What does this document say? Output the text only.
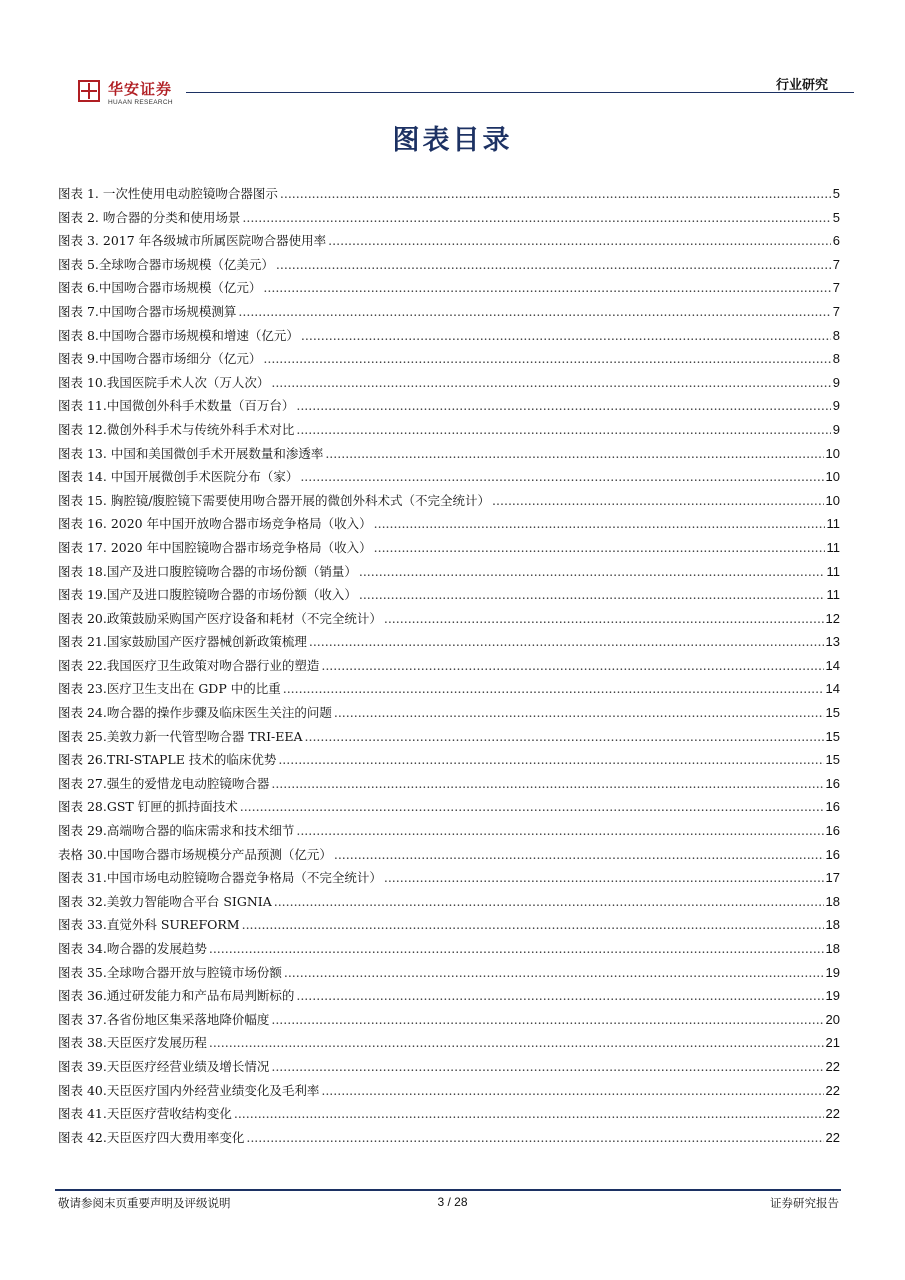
华安证券
HUAAN RESEARCH
行业研究
图表目录
图表 1. 一次性使用电动腔镜吻合器图示 .....	5
图表 2. 吻合器的分类和使用场景 .....	5
图表 3. 2017 年各级城市所属医院吻合器使用率 .....	6
图表 5.全球吻合器市场规模（亿美元） .....	7
图表 6.中国吻合器市场规模（亿元） .....	7
图表 7.中国吻合器市场规模测算 .....	7
图表 8.中国吻合器市场规模和增速（亿元） .....	8
图表 9.中国吻合器市场细分（亿元） .....	8
图表 10.我国医院手术人次（万人次） .....	9
图表 11.中国微创外科手术数量（百万台） .....	9
图表 12.微创外科手术与传统外科手术对比 .....	9
图表 13. 中国和美国微创手术开展数量和渗透率 .....	10
图表 14. 中国开展微创手术医院分布（家） .....	10
图表 15. 胸腔镜/腹腔镜下需要使用吻合器开展的微创外科术式（不完全统计） .....	10
图表 16. 2020 年中国开放吻合器市场竞争格局（收入） .....	11
图表 17. 2020 年中国腔镜吻合器市场竞争格局（收入） .....	11
图表 18.国产及进口腹腔镜吻合器的市场份额（销量） .....	11
图表 19.国产及进口腹腔镜吻合器的市场份额（收入） .....	11
图表 20.政策鼓励采购国产医疗设备和耗材（不完全统计） .....	12
图表 21.国家鼓励国产医疗器械创新政策梳理 .....	13
图表 22.我国医疗卫生政策对吻合器行业的塑造 .....	14
图表 23.医疗卫生支出在 GDP 中的比重 .....	14
图表 24.吻合器的操作步骤及临床医生关注的问题 .....	15
图表 25.美敦力新一代管型吻合器 TRI-EEA .....	15
图表 26.TRI-STAPLE 技术的临床优势 .....	15
图表 27.强生的爱惜龙电动腔镜吻合器 .....	16
图表 28.GST 钉匣的抓持面技术 .....	16
图表 29.高端吻合器的临床需求和技术细节 .....	16
表格 30.中国吻合器市场规模分产品预测（亿元） .....	16
图表 31.中国市场电动腔镜吻合器竞争格局（不完全统计） .....	17
图表 32.美敦力智能吻合平台 SIGNIA .....	18
图表 33.直觉外科 SUREFORM .....	18
图表 34.吻合器的发展趋势 .....	18
图表 35.全球吻合器开放与腔镜市场份额 .....	19
图表 36.通过研发能力和产品布局判断标的 .....	19
图表 37.各省份地区集采落地降价幅度 .....	20
图表 38.天臣医疗发展历程 .....	21
图表 39.天臣医疗经营业绩及增长情况 .....	22
图表 40.天臣医疗国内外经营业绩变化及毛利率 .....	22
图表 41.天臣医疗营收结构变化 .....	22
图表 42.天臣医疗四大费用率变化 .....	22
敬请参阅末页重要声明及评级说明	3 / 28	证券研究报告
